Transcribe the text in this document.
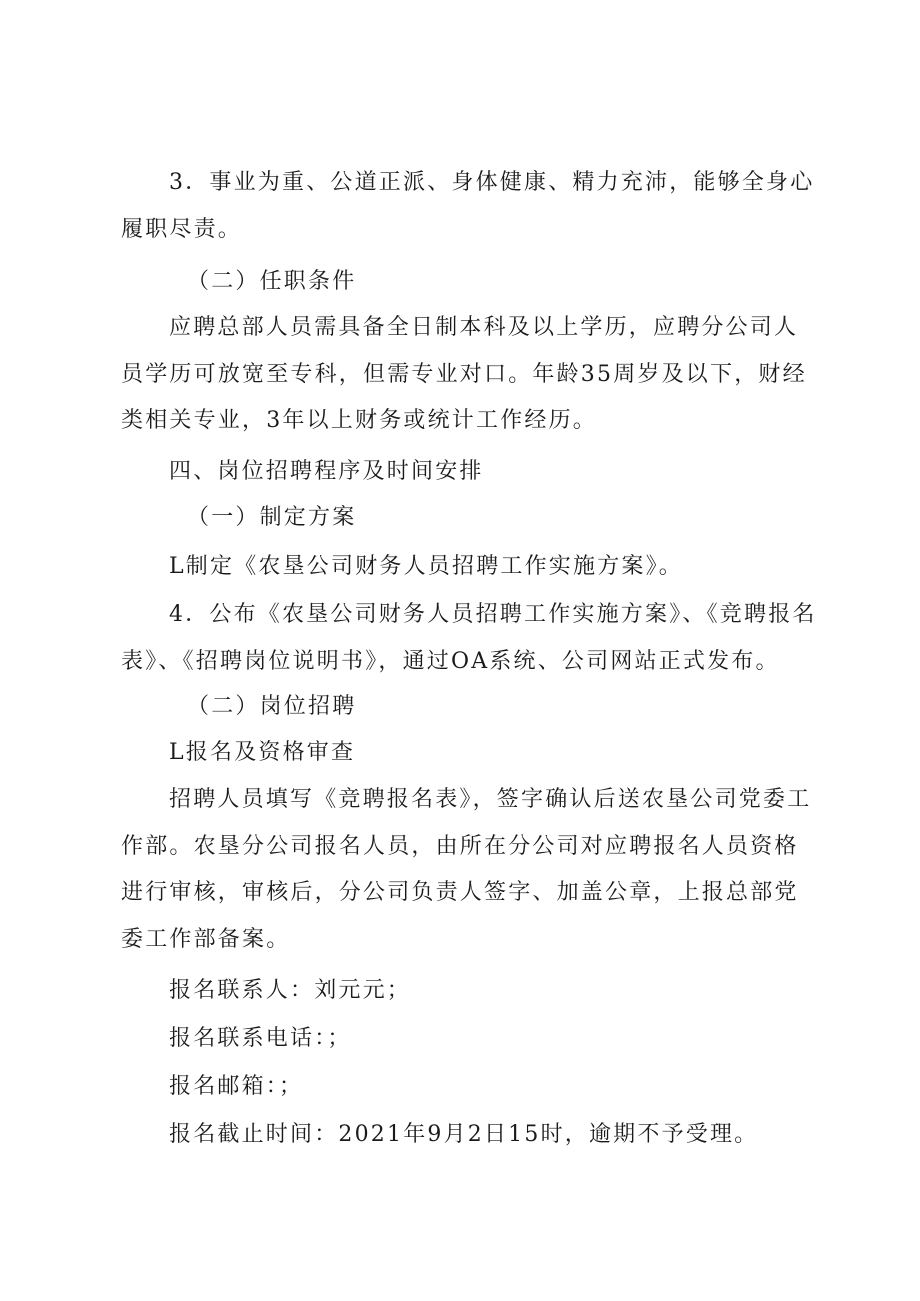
3．事业为重、公道正派、身体健康、精力充沛，能够全身心履职尽责。

（二）任职条件

应聘总部人员需具备全日制本科及以上学历，应聘分公司人员学历可放宽至专科，但需专业对口。年龄35周岁及以下，财经类相关专业，3年以上财务或统计工作经历。

四、岗位招聘程序及时间安排

（一）制定方案

L制定《农垦公司财务人员招聘工作实施方案》。

4．公布《农垦公司财务人员招聘工作实施方案》、《竞聘报名表》、《招聘岗位说明书》，通过OA系统、公司网站正式发布。

（二）岗位招聘

L报名及资格审查

招聘人员填写《竞聘报名表》，签字确认后送农垦公司党委工作部。农垦分公司报名人员，由所在分公司对应聘报名人员资格进行审核，审核后，分公司负责人签字、加盖公章，上报总部党委工作部备案。

报名联系人：刘元元；

报名联系电话：；

报名邮箱：；

报名截止时间：2021年9月2日15时，逾期不予受理。
